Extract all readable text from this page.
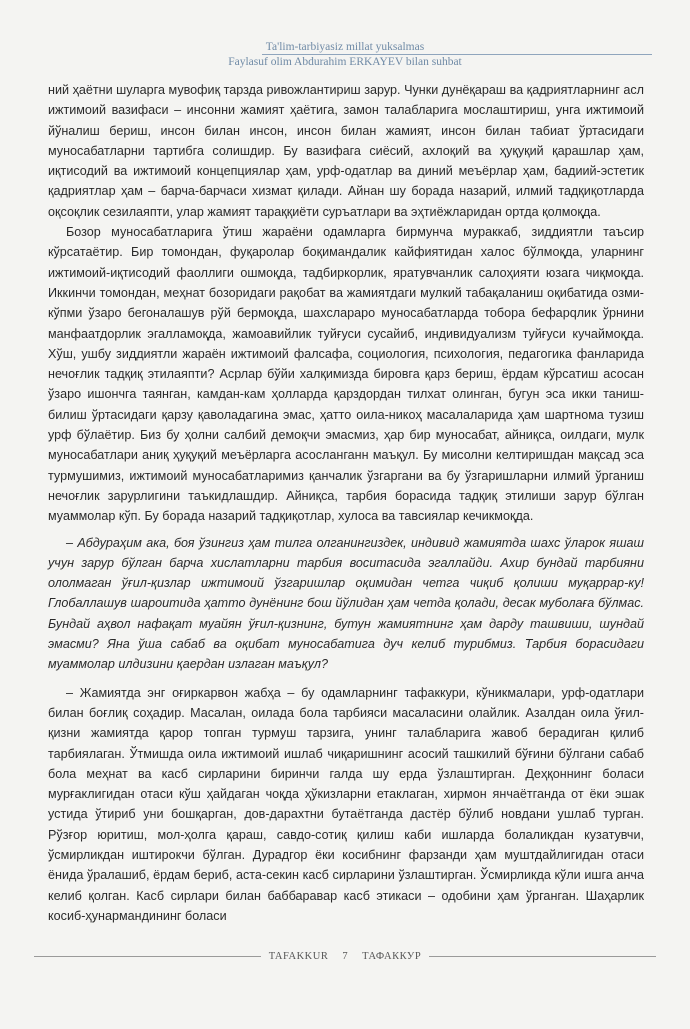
Ta'lim-tarbiyasiz millat yuksalmas
Faylasuf olim Abdurahim ERKAYEV bilan suhbat

ний ҳаётни шуларга мувофиқ тарзда ривожлантириш зарур. Чунки дунёқараш ва қадриятларнинг асл ижтимоий вазифаси – инсонни жамият ҳаётига, замон талабларига мослаштириш, унга ижтимоий йўналиш бериш, инсон билан инсон, инсон билан жамият, инсон билан табиат ўртасидаги муносабатларни тартибга солишдир. Бу вазифага сиёсий, ахлоқий ва ҳуқуқий қарашлар ҳам, иқтисодий ва ижтимоий концепциялар ҳам, урф-одатлар ва диний меъёрлар ҳам, бадиий-эстетик қадриятлар ҳам – барча-барчаси хизмат қилади. Айнан шу борада назарий, илмий тадқиқотларда оқсоқлик сезилаяпти, улар жамият тараққиёти суръатлари ва эҳтиёжларидан ортда қолмоқда.

Бозор муносабатларига ўтиш жараёни одамларга бирмунча мураккаб, зиддиятли таъсир кўрсатаётир. Бир томондан, фуқаролар боқимандалик кайфиятидан халос бўлмоқда, уларнинг ижтимоий-иқтисодий фаоллиги ошмоқда, тадбиркорлик, яратувчанлик салоҳияти юзага чиқмоқда. Иккинчи томондан, меҳнат бозоридаги рақобат ва жамиятдаги мулкий табақаланиш оқибатида озми-кўпми ўзаро бегоналашув рўй бермоқда, шахсларaро муносабатларда тобора бефарqлик ўрнини манфаатдорлик эгалламоқда, жамоавийлик туйғуси сусайиб, индивидуализм туйғуси кучаймоқда. Хўш, ушбу зиддиятли жараён ижтимоий фалсафа, социология, психология, педагогика фанларида нечоғлик тадқиқ этилаяпти? Асрлар бўйи халқимизда бировга қарз бериш, ёрдам кўрсатиш асосан ўзаро ишончга таянган, камдан-кам ҳолларда қарздордан тилхат олинган, бугун эса икки таниш-билиш ўртасидаги қарзу қаволадагина эмас, ҳатто оила-никоҳ масалаларида ҳам шартнома тузиш урф бўлаётир. Биз бу ҳолни салбий демоқчи эмасмиз, ҳар бир муносабат, айниқса, оилдаги, мулк муносабатлари аниқ ҳуқуқий меъёрларга асосланганн маъқул. Бу мисолни келтиришдан мақсад эса турмушимиз, ижтимоий муносабатларимиз қанчалик ўзгаргани ва бу ўзгаришларни илмий ўрганиш нечоғлик зарурлигини таъкидлашдир. Айниқса, тарбия борасида тадқиқ этилиши зарур бўлган муаммолар кўп. Бу борада назарий тадқиқотлар, хулоса ва тавсиялар кечикмоқда.

– Абдураҳим ака, боя ўзингиз ҳам тилга олганингиздек, индивид жамиятда шахс ўларок яшаш учун зарур бўлган барча хислатларни тарбия воситасида эгаллайди. Ахир бундай тарбияни ололмаган ўғил-қизлар ижтимоий ўзгаришлар оқимидан четга чиқиб қолиши муқаррар-ку! Глобаллашув шароитида ҳатто дунёнинг бош йўлидан ҳам четда қолади, десак муболаға бўлмас. Бундай аҳвол нафақат муайян ўғил-қизнинг, бутун жамиятнинг ҳам дарду ташвиши, шундай эмасми? Яна ўша сабаб ва оқибат муносабатига дуч келиб турибмиз. Тарбия борасидаги муаммолар илдизини қаердан излаган маъқул?

– Жамиятда энг оғиркарвон жабҳа – бу одамларнинг тафаккури, кўникмалари, урф-одатлари билан боғлиқ соҳадир. Масалан, оилада бола тарбияси масаласини олайлик. Азалдан оила ўғил-қизни жамиятда қарор топган турмуш тарзига, унинг талабларига жавоб берадиган қилиб тарбиялаган. Ўтмишда оила ижтимоий ишлаб чиқаришнинг асосий ташкилий бўғини бўлгани сабаб бола меҳнат ва касб сирларини биринчи галда шу ерда ўзлаштирган. Деҳқоннинг боласи мурғаклигидан отаси кўш ҳайдаган чоқда ҳўкизларни етаклаган, хирмон янчаётганда от ёки эшак устида ўтириб уни бошқарган, дов-дарахтни бутаётганда дастёр бўлиб новдани ушлаб турган. Рўзғор юритиш, мол-ҳолга қараш, савдо-сотиқ қилиш каби ишларда болаликдан кузатувчи, ўсмирликдан иштирокчи бўлган. Дурадгор ёки косибнинг фарзанди ҳам муштдайлигидан отаси ёнида ўралашиб, ёрдам бериб, аста-секин касб сирларини ўзлаштирган. Ўсмирликда кўли ишга анча келиб қолган. Касб сирлари билан баббаравар касб этикаси – одобини ҳам ўрганган. Шаҳарлик косиб-ҳунармандининг боласи

TAFAKKUR 7 ТАФАККУР
